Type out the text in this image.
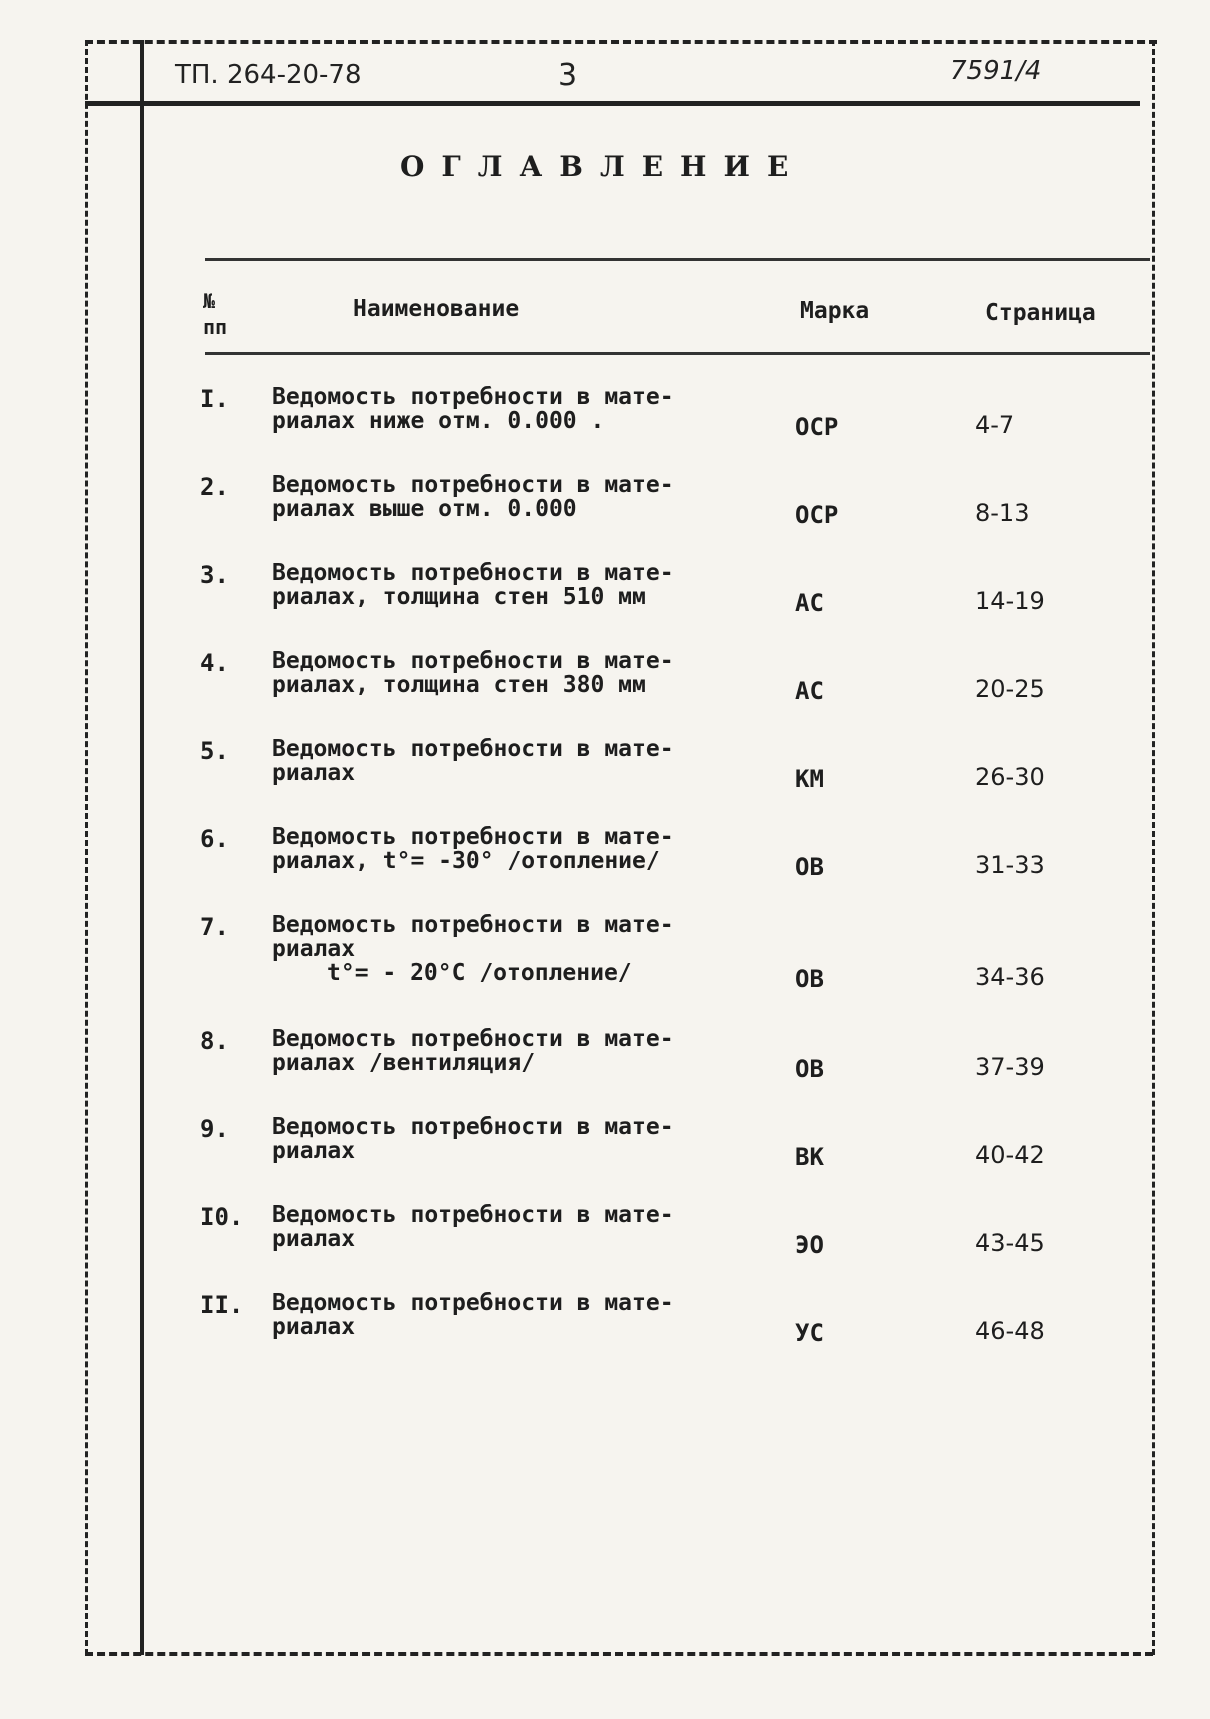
ТП. 264-20-78	3	7591/4
ОГЛАВЛЕНИЕ
№
пп
Наименование	Марка	Страница
I. Ведомость потребности в мате-
риалах ниже отм. 0.000 .	ОСР	4-7
2. Ведомость потребности в мате-
риалах выше отм. 0.000	ОСР	8-13
3. Ведомость потребности в мате-
риалах, толщина стен 510 мм	АС	14-19
4. Ведомость потребности в мате-
риалах, толщина стен 380 мм	АС	20-25
5. Ведомость потребности в мате-
риалах	КМ	26-30
6. Ведомость потребности в мате-
риалах, t°= -30° /отопление/	ОВ	31-33
7. Ведомость потребности в мате-
риалах
t°= - 20°С /отопление/	ОВ	34-36
8. Ведомость потребности в мате-
риалах /вентиляция/	ОВ	37-39
9. Ведомость потребности в мате-
риалах	ВК	40-42
I0. Ведомость потребности в мате-
риалах	ЭО	43-45
II. Ведомость потребности в мате-
риалах	УС	46-48
